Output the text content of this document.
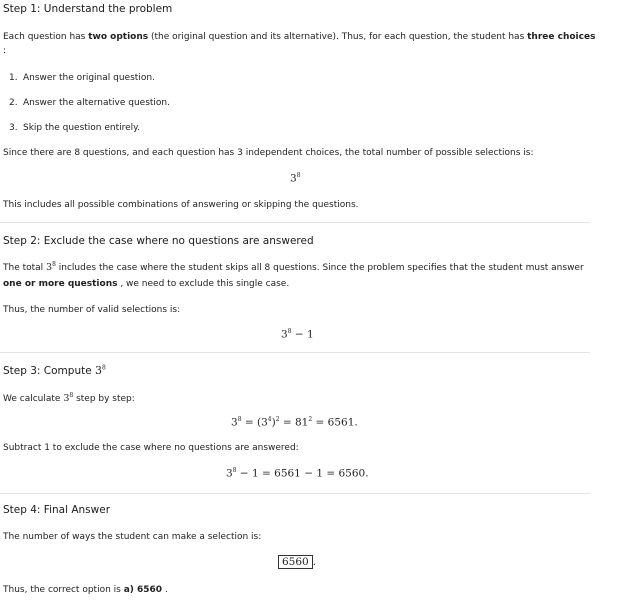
Step 1: Understand the problem

Each question has two options (the original question and its alternative). Thus, for each question, the student has three choices

:

1. Answer the original question.

2. Answer the alternative question.

3. Skip the question entirely.

Since there are 8 questions, and each question has 3 independent choices, the total number of possible selections is:

$3^8$

This includes all possible combinations of answering or skipping the questions.

Step 2: Exclude the case where no questions are answered

The total $3^8$ includes the case where the student skips all 8 questions. Since the problem specifies that the student must answer

one or more questions , we need to exclude this single case.

Thus, the number of valid selections is:

$3^8 - 1$
Step 3: Compute $3^8$

We calculate $3^8$ step by step:

$3^8 = (3^4)^2 = 81^2 = 6561$.

Subtract 1 to exclude the case where no questions are answered:

$3^8 - 1 = 6561 - 1 = 6560$.
Step 4: Final Answer

The number of ways the student can make a selection is:

6560 .

Thus, the correct option is a) 6560 .
